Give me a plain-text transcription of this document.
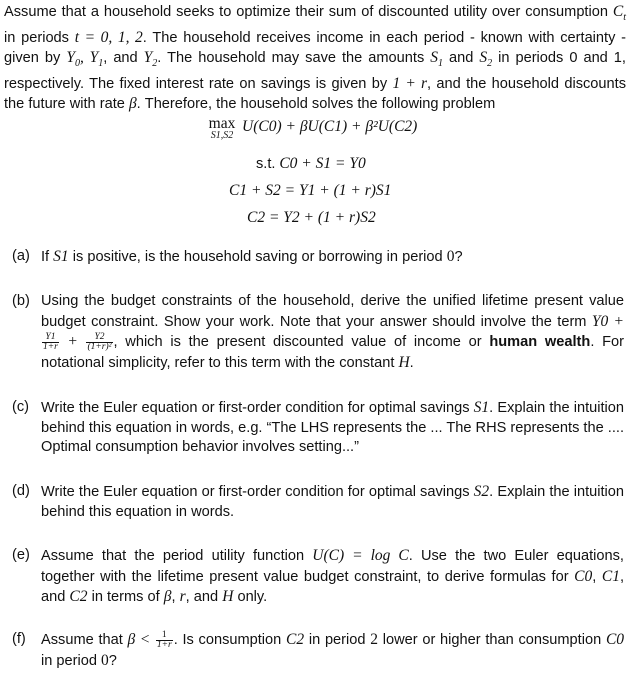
Assume that a household seeks to optimize their sum of discounted utility over consumption $C_t$ in periods t = 0, 1, 2. The household receives income in each period - known with certainty - given by $Y_0$, $Y_1$, and $Y_2$. The household may save the amounts $S_1$ and $S_2$ in periods 0 and 1, respectively. The fixed interest rate on savings is given by 1 + r, and the household discounts the future with rate β. Therefore, the household solves the following problem
max
S1,S2
U(C0) + βU(C1) + β²U(C2)
s.t. C0 + S1 = Y0
C1 + S2 = Y1 + (1 + r)S1
C2 = Y2 + (1 + r)S2
(a) If S1 is positive, is the household saving or borrowing in period 0?
(b) Using the budget constraints of the household, derive the unified lifetime present value budget constraint. Show your work. Note that your answer should involve the term Y0 +
$\frac{Y1}{1+r} + \frac{Y2}{\text{(1+r)²}}$ , which is the present discounted value of income or human wealth. For notational simplicity, refer to this term with the constant H.
(c) Write the Euler equation or first-order condition for optimal savings S1. Explain the intuition behind this equation in words, e.g. “The LHS represents the ... The RHS represents the .... Optimal consumption behavior involves setting...”
(d) Write the Euler equation or first-order condition for optimal savings S2. Explain the intuition behind this equation in words.
(e) Assume that the period utility function U(C) = log C. Use the two Euler equations, together with the lifetime present value budget constraint, to derive formulas for C0, C1, and C2 in terms of β, r, and H only.
(f) Assume that $\beta < \frac{1}{1+r}$ . Is consumption C2 in period 2 lower or higher than consumption C0 in period 0?
